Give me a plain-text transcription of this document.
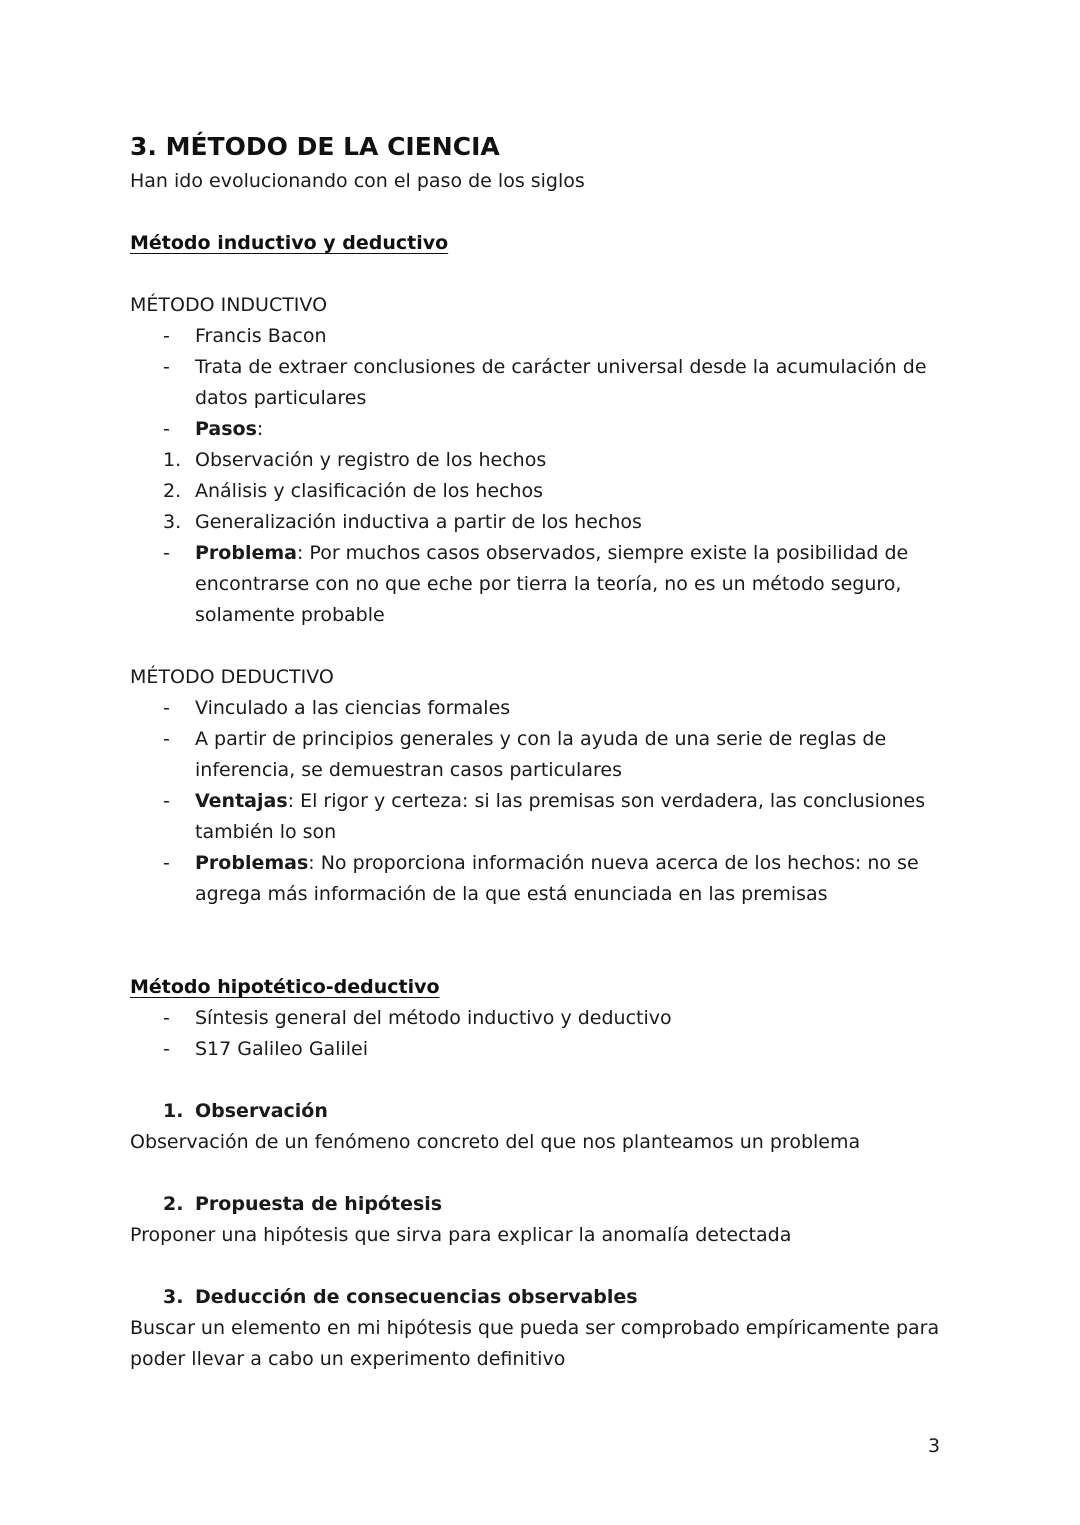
3. MÉTODO DE LA CIENCIA

Han ido evolucionando con el paso de los siglos

Método inductivo y deductivo

MÉTODO INDUCTIVO

-	Francis Bacon
-	Trata de extraer conclusiones de carácter universal desde la acumulación de datos particulares
-	Pasos:
1. Observación y registro de los hechos
2. Análisis y clasificación de los hechos
3. Generalización inductiva a partir de los hechos
-	Problema: Por muchos casos observados, siempre existe la posibilidad de encontrarse con no que eche por tierra la teoría, no es un método seguro, solamente probable

MÉTODO DEDUCTIVO

-	Vinculado a las ciencias formales
-	A partir de principios generales y con la ayuda de una serie de reglas de inferencia, se demuestran casos particulares
-	Ventajas: El rigor y certeza: si las premisas son verdadera, las conclusiones también lo son
-	Problemas: No proporciona información nueva acerca de los hechos: no se agrega más información de la que está enunciada en las premisas

Método hipotético-deductivo

-	Síntesis general del método inductivo y deductivo
-	S17 Galileo Galilei
1. Observación

Observación de un fenómeno concreto del que nos planteamos un problema

2. Propuesta de hipótesis

Proponer una hipótesis que sirva para explicar la anomalía detectada

3. Deducción de consecuencias observables

Buscar un elemento en mi hipótesis que pueda ser comprobado empíricamente para poder llevar a cabo un experimento definitivo

3
